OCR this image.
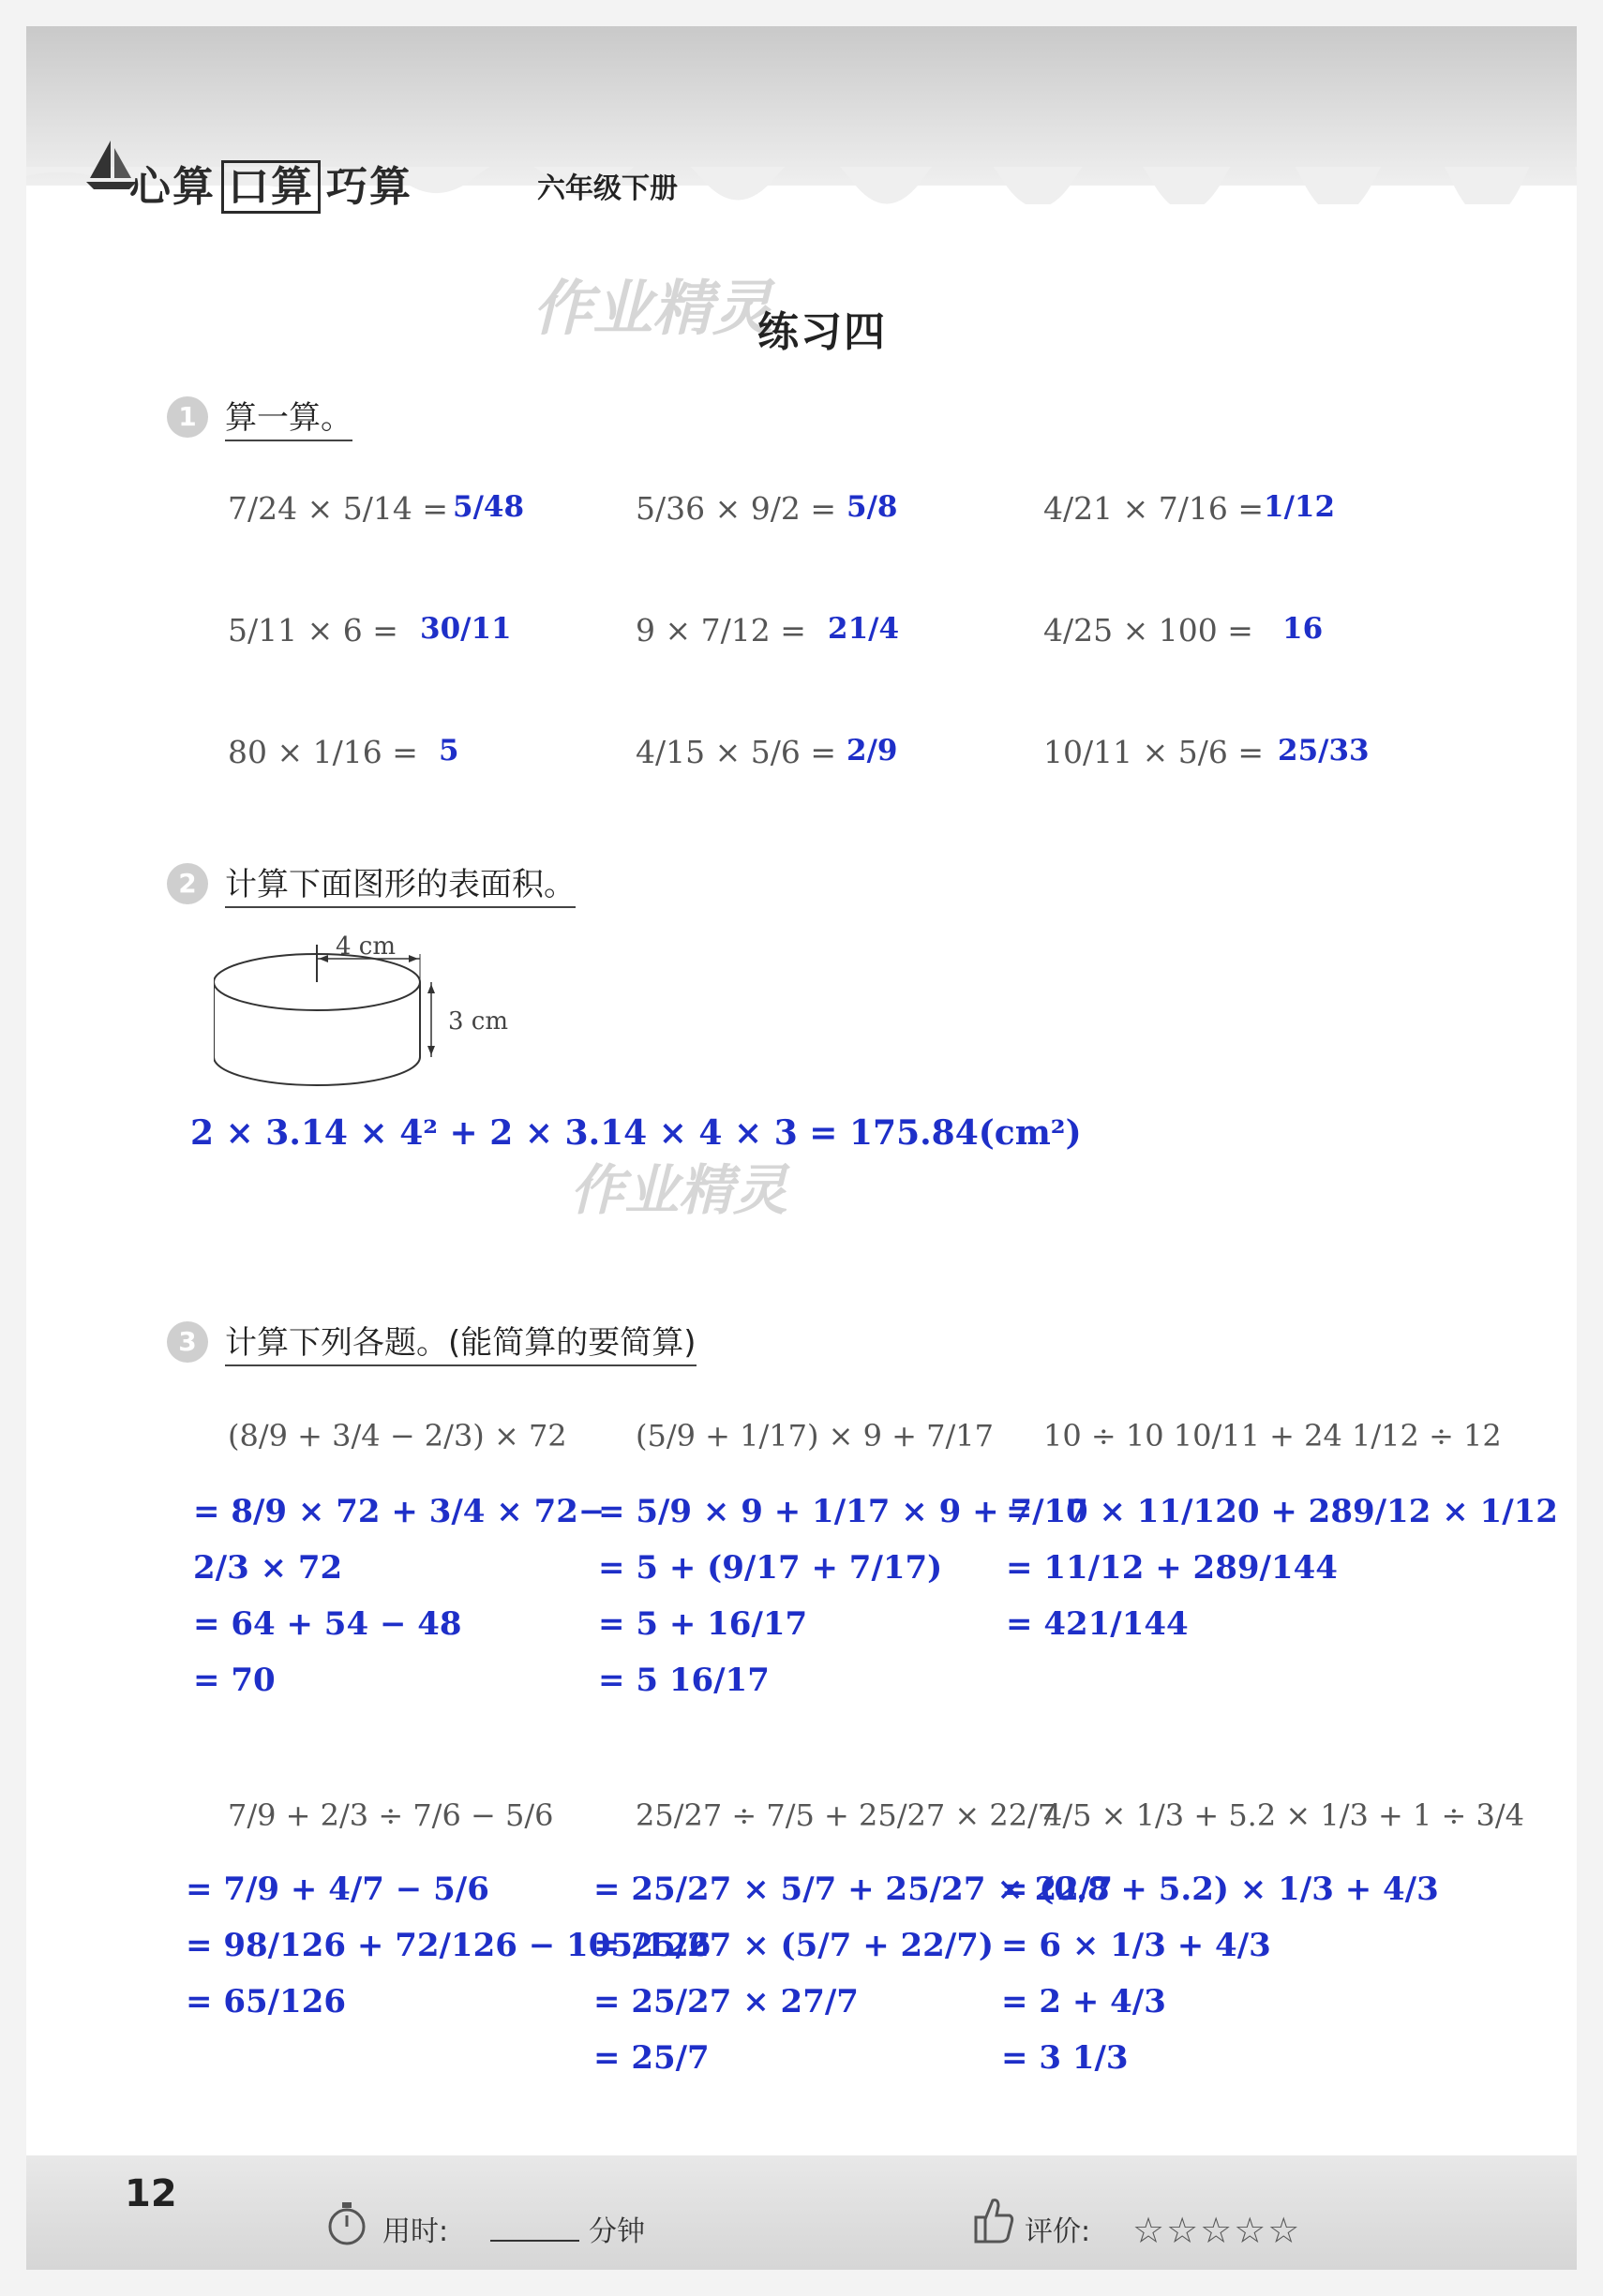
心算 口算 巧算	六年级下册
作业精灵
练习四
1 算一算。
7/24 × 5/14 = 5/48	5/36 × 9/2 = 5/8	4/21 × 7/16 = 1/12
5/11 × 6 = 30/11	9 × 7/12 = 21/4	4/25 × 100 = 16
80 × 1/16 = 5	4/15 × 5/6 = 2/9	10/11 × 5/6 = 25/33
2 计算下面图形的表面积。
4 cm
3 cm
2 × 3.14 × 4² + 2 × 3.14 × 4 × 3 = 175.84(cm²)
作业精灵
3 计算下列各题。(能简算的要简算)
(8/9 + 3/4 − 2/3) × 72
= 8/9 × 72 + 3/4 × 72−
2/3 × 72
= 64 + 54 − 48
= 70
(5/9 + 1/17) × 9 + 7/17
= 5/9 × 9 + 1/17 × 9 + 7/17
= 5 + (9/17 + 7/17)
= 5 + 16/17
= 5 16/17
10 ÷ 10 10/11 + 24 1/12 ÷ 12
= 10 × 11/120 + 289/12 × 1/12
= 11/12 + 289/144
= 421/144
7/9 + 2/3 ÷ 7/6 − 5/6
= 7/9 + 4/7 − 5/6
= 98/126 + 72/126 − 105/126
= 65/126
25/27 ÷ 7/5 + 25/27 × 22/7
= 25/27 × 5/7 + 25/27 × 22/7
= 25/27 × (5/7 + 22/7)
= 25/27 × 27/7
= 25/7
4/5 × 1/3 + 5.2 × 1/3 + 1 ÷ 3/4
= (0.8 + 5.2) × 1/3 + 4/3
= 6 × 1/3 + 4/3
= 2 + 4/3
= 3 1/3
12
用时:	分钟	评价: ☆☆☆☆☆
